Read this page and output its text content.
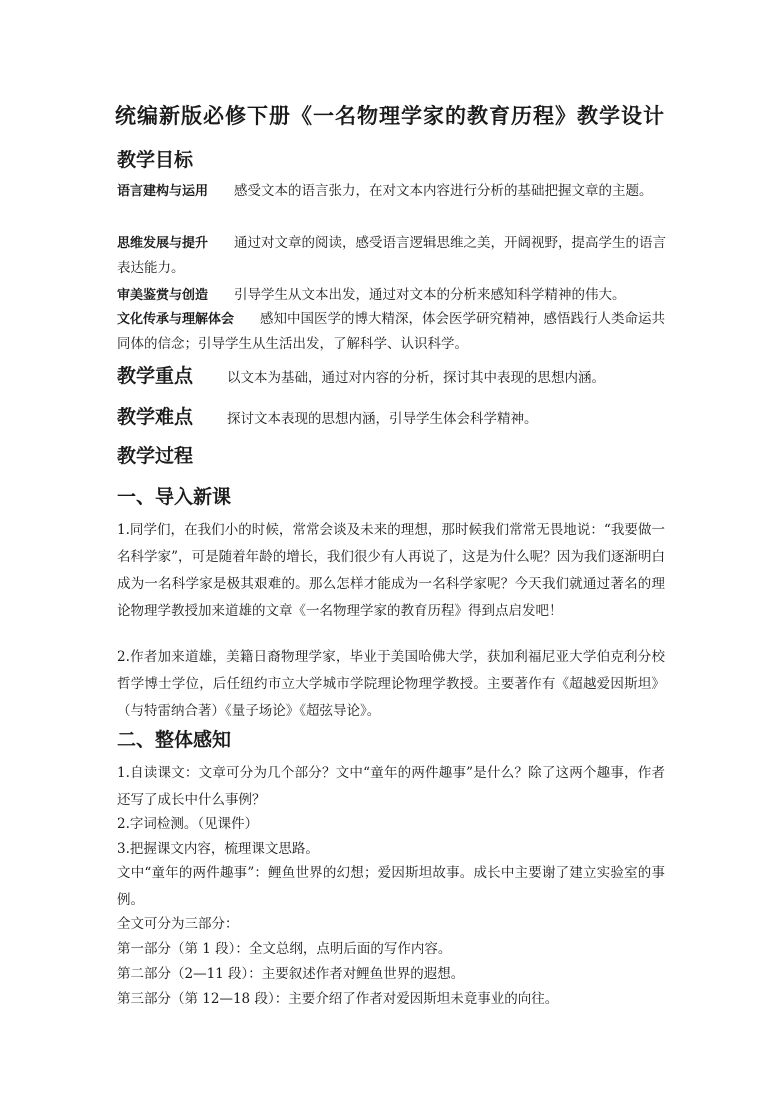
统编新版必修下册《一名物理学家的教育历程》教学设计
教学目标

语言建构与运用 感受文本的语言张力，在对文本内容进行分析的基础把握文章的主题。

思维发展与提升 通过对文章的阅读，感受语言逻辑思维之美，开阔视野，提高学生的语言表达能力。

审美鉴赏与创造 引导学生从文本出发，通过对文本的分析来感知科学精神的伟大。

文化传承与理解体会 感知中国医学的博大精深，体会医学研究精神，感悟践行人类命运共同体的信念；引导学生从生活出发，了解科学、认识科学。

教学重点	以文本为基础，通过对内容的分析，探讨其中表现的思想内涵。
教学难点	探讨文本表现的思想内涵，引导学生体会科学精神。
教学过程
一、导入新课

1.同学们，在我们小的时候，常常会谈及未来的理想，那时候我们常常无畏地说：“我要做一名科学家”，可是随着年龄的增长，我们很少有人再说了，这是为什么呢？因为我们逐渐明白成为一名科学家是极其艰难的。那么怎样才能成为一名科学家呢？今天我们就通过著名的理论物理学教授加来道雄的文章《一名物理学家的教育历程》得到点启发吧！

2.作者加来道雄，美籍日裔物理学家，毕业于美国哈佛大学，获加利福尼亚大学伯克利分校哲学博士学位，后任纽约市立大学城市学院理论物理学教授。主要著作有《超越爱因斯坦》（与特雷纳合著）《量子场论》《超弦导论》。

二、整体感知

1.自读课文：文章可分为几个部分？文中“童年的两件趣事”是什么？除了这两个趣事，作者还写了成长中什么事例？

2.字词检测。（见课件）

3.把握课文内容，梳理课文思路。

文中“童年的两件趣事”：鲤鱼世界的幻想；爱因斯坦故事。成长中主要谢了建立实验室的事例。

全文可分为三部分：

第一部分（第 1 段）：全文总纲，点明后面的写作内容。

第二部分（2—11 段）：主要叙述作者对鲤鱼世界的遐想。

第三部分（第 12—18 段）：主要介绍了作者对爱因斯坦未竟事业的向往。
